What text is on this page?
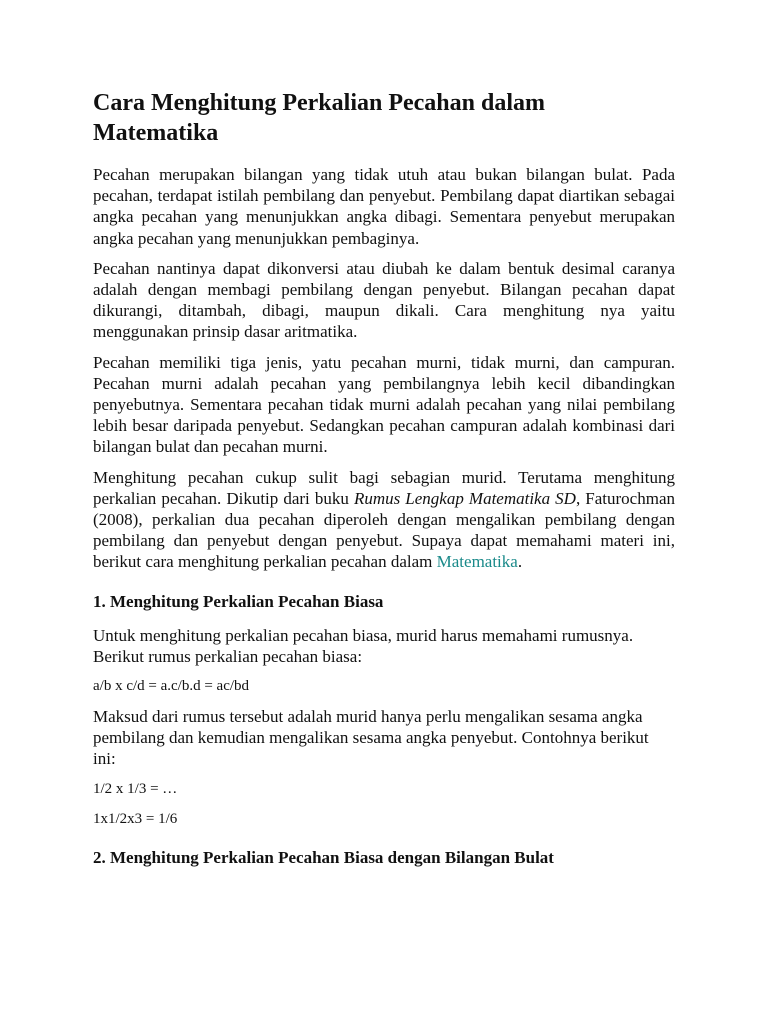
Cara Menghitung Perkalian Pecahan dalam Matematika

Pecahan merupakan bilangan yang tidak utuh atau bukan bilangan bulat. Pada pecahan, terdapat istilah pembilang dan penyebut. Pembilang dapat diartikan sebagai angka pecahan yang menunjukkan angka dibagi. Sementara penyebut merupakan angka pecahan yang menunjukkan pembaginya.

Pecahan nantinya dapat dikonversi atau diubah ke dalam bentuk desimal caranya adalah dengan membagi pembilang dengan penyebut. Bilangan pecahan dapat dikurangi, ditambah, dibagi, maupun dikali. Cara menghitung nya yaitu menggunakan prinsip dasar aritmatika.

Pecahan memiliki tiga jenis, yatu pecahan murni, tidak murni, dan campuran. Pecahan murni adalah pecahan yang pembilangnya lebih kecil dibandingkan penyebutnya. Sementara pecahan tidak murni adalah pecahan yang nilai pembilang lebih besar daripada penyebut. Sedangkan pecahan campuran adalah kombinasi dari bilangan bulat dan pecahan murni.

Menghitung pecahan cukup sulit bagi sebagian murid. Terutama menghitung perkalian pecahan. Dikutip dari buku Rumus Lengkap Matematika SD, Faturochman (2008), perkalian dua pecahan diperoleh dengan mengalikan pembilang dengan pembilang dan penyebut dengan penyebut. Supaya dapat memahami materi ini, berikut cara menghitung perkalian pecahan dalam Matematika.

1. Menghitung Perkalian Pecahan Biasa

Untuk menghitung perkalian pecahan biasa, murid harus memahami rumusnya. Berikut rumus perkalian pecahan biasa:

a/b x c/d = a.c/b.d = ac/bd

Maksud dari rumus tersebut adalah murid hanya perlu mengalikan sesama angka pembilang dan kemudian mengalikan sesama angka penyebut. Contohnya berikut ini:

1/2 x 1/3 = …

1x1/2x3 = 1/6

2. Menghitung Perkalian Pecahan Biasa dengan Bilangan Bulat
